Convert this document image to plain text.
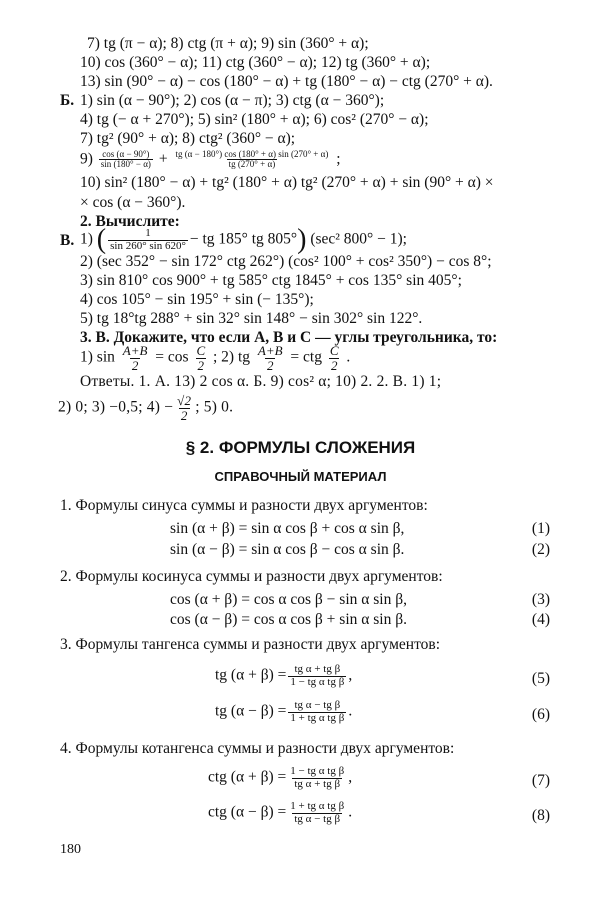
7) tg (π − α); 8) ctg (π + α); 9) sin (360° + α);
10) cos (360° − α); 11) ctg (360° − α); 12) tg (360° + α);
13) sin (90° − α) − cos (180° − α) + tg (180° − α) − ctg (270° + α).
Б. 1) sin (α − 90°); 2) cos (α − π); 3) ctg (α − 360°);
4) tg (− α + 270°); 5) sin² (180° + α); 6) cos² (270° − α);
7) tg² (90° + α); 8) ctg² (360° − α);
$9) \frac{\cos (\alpha - 90^\circ)}{\sin (180^\circ - \alpha)} + \frac{tg (\alpha - 180^\circ) \cos (180^\circ + \alpha) \sin (270^\circ + \alpha)}{tg (270^\circ + \alpha)}$ ;
10) sin² (180° − α) + tg² (180° + α) tg² (270° + α) + sin (90° + α) ×
× cos (α − 360°).
2. Вычислите:
В. 1) ( $\frac{1}{\sin 260^\circ \sin 620^\circ}$ − tg 185° tg 805°) (sec² 800° − 1);
2) (sec 352° − sin 172° ctg 262°) (cos² 100° + cos² 350°) − cos 8°;
3) sin 810° cos 900° + tg 585° ctg 1845° + cos 135° sin 405°;
4) cos 105° − sin 195° + sin (− 135°);
5) tg 18°tg 288° + sin 32° sin 148° − sin 302° sin 122°.
3. В. Докажите, что если A, B и C — углы треугольника, то:
1) $\sin \frac{A+B}{2} = \cos \frac{C}{2}$ ; 2) tg $\frac{A+B}{2}$ = ctg $\frac{C}{2}$ .
Ответы. 1. А. 13) 2 cos α. Б. 9) cos² α; 10) 2. 2. В. 1) 1;
2) 0; 3) −0,5; $4) - \frac{√2}{2}$ ; 5) 0.
§ 2. ФОРМУЛЫ СЛОЖЕНИЯ
СПРАВОЧНЫЙ МАТЕРИАЛ
1. Формулы синуса суммы и разности двух аргументов:
sin (α + β) = sin α cos β + cos α sin β,	(1)
sin (α − β) = sin α cos β − cos α sin β.	(2)
2. Формулы косинуса суммы и разности двух аргументов:
cos (α + β) = cos α cos β − sin α sin β,	(3)
cos (α − β) = cos α cos β + sin α sin β.	(4)
3. Формулы тангенса суммы и разности двух аргументов:
tg $(\alpha + \beta) = \frac{\text{tg α + tg β}}{\text{1 − tg α tg β}}$ ,	(5)
tg $(\alpha - \beta) = \frac{\text{tg α − tg β}}{\text{1 + tg α tg β}}$ .	(6)
4. Формулы котангенса суммы и разности двух аргументов:
ctg $(\alpha + \beta) = \frac{\text{1 − tg α tg β}}{\text{tg α + tg β}}$ ,	(7)
ctg $(\alpha - \beta) = \frac{\text{1 + tg α tg β}}{\text{tg α − tg β}}$ .	(8)
180
